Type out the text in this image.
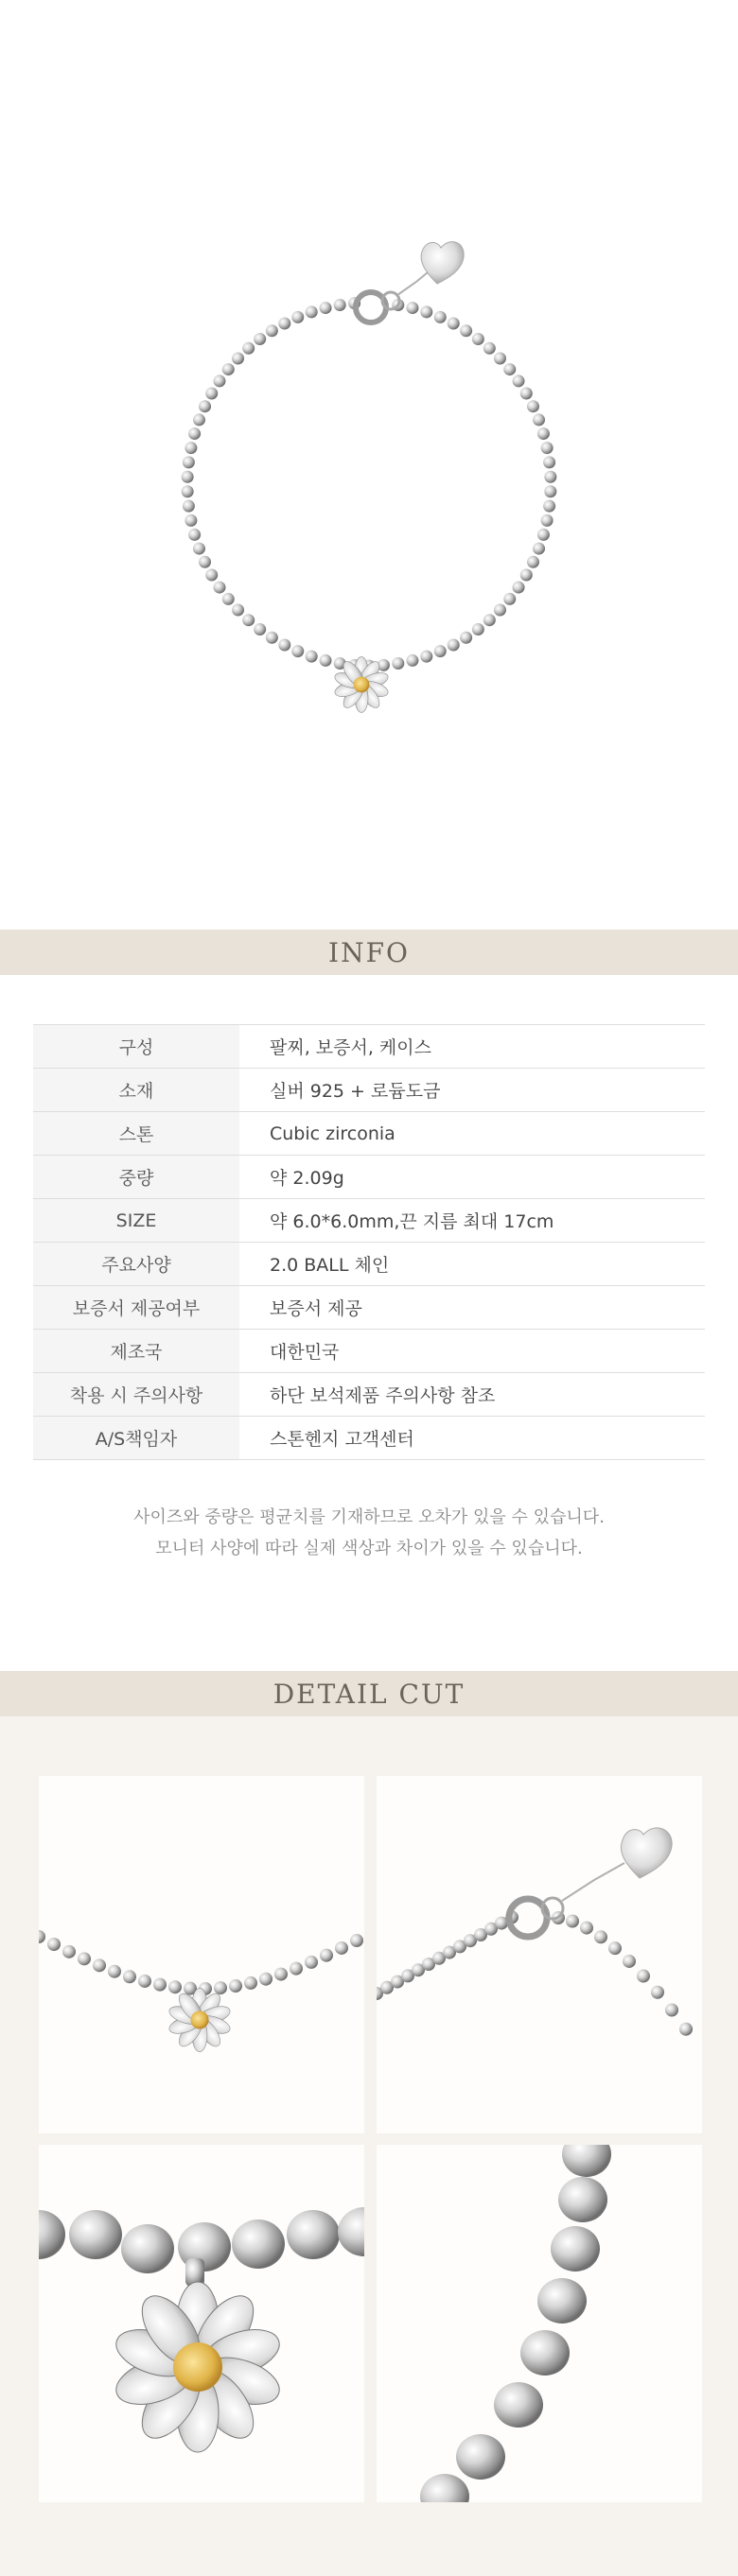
INFO
구성	팔찌, 보증서, 케이스
소재	실버 925 + 로듐도금
스톤	Cubic zirconia
중량	약 2.09g
SIZE	약 6.0*6.0mm,끈 지름 최대 17cm
주요사양	2.0 BALL 체인
보증서 제공여부	보증서 제공
제조국	대한민국
착용 시 주의사항	하단 보석제품 주의사항 참조
A/S책임자	스톤헨지 고객센터

사이즈와 중량은 평균치를 기재하므로 오차가 있을 수 있습니다.

모니터 사양에 따라 실제 색상과 차이가 있을 수 있습니다.

DETAIL CUT
